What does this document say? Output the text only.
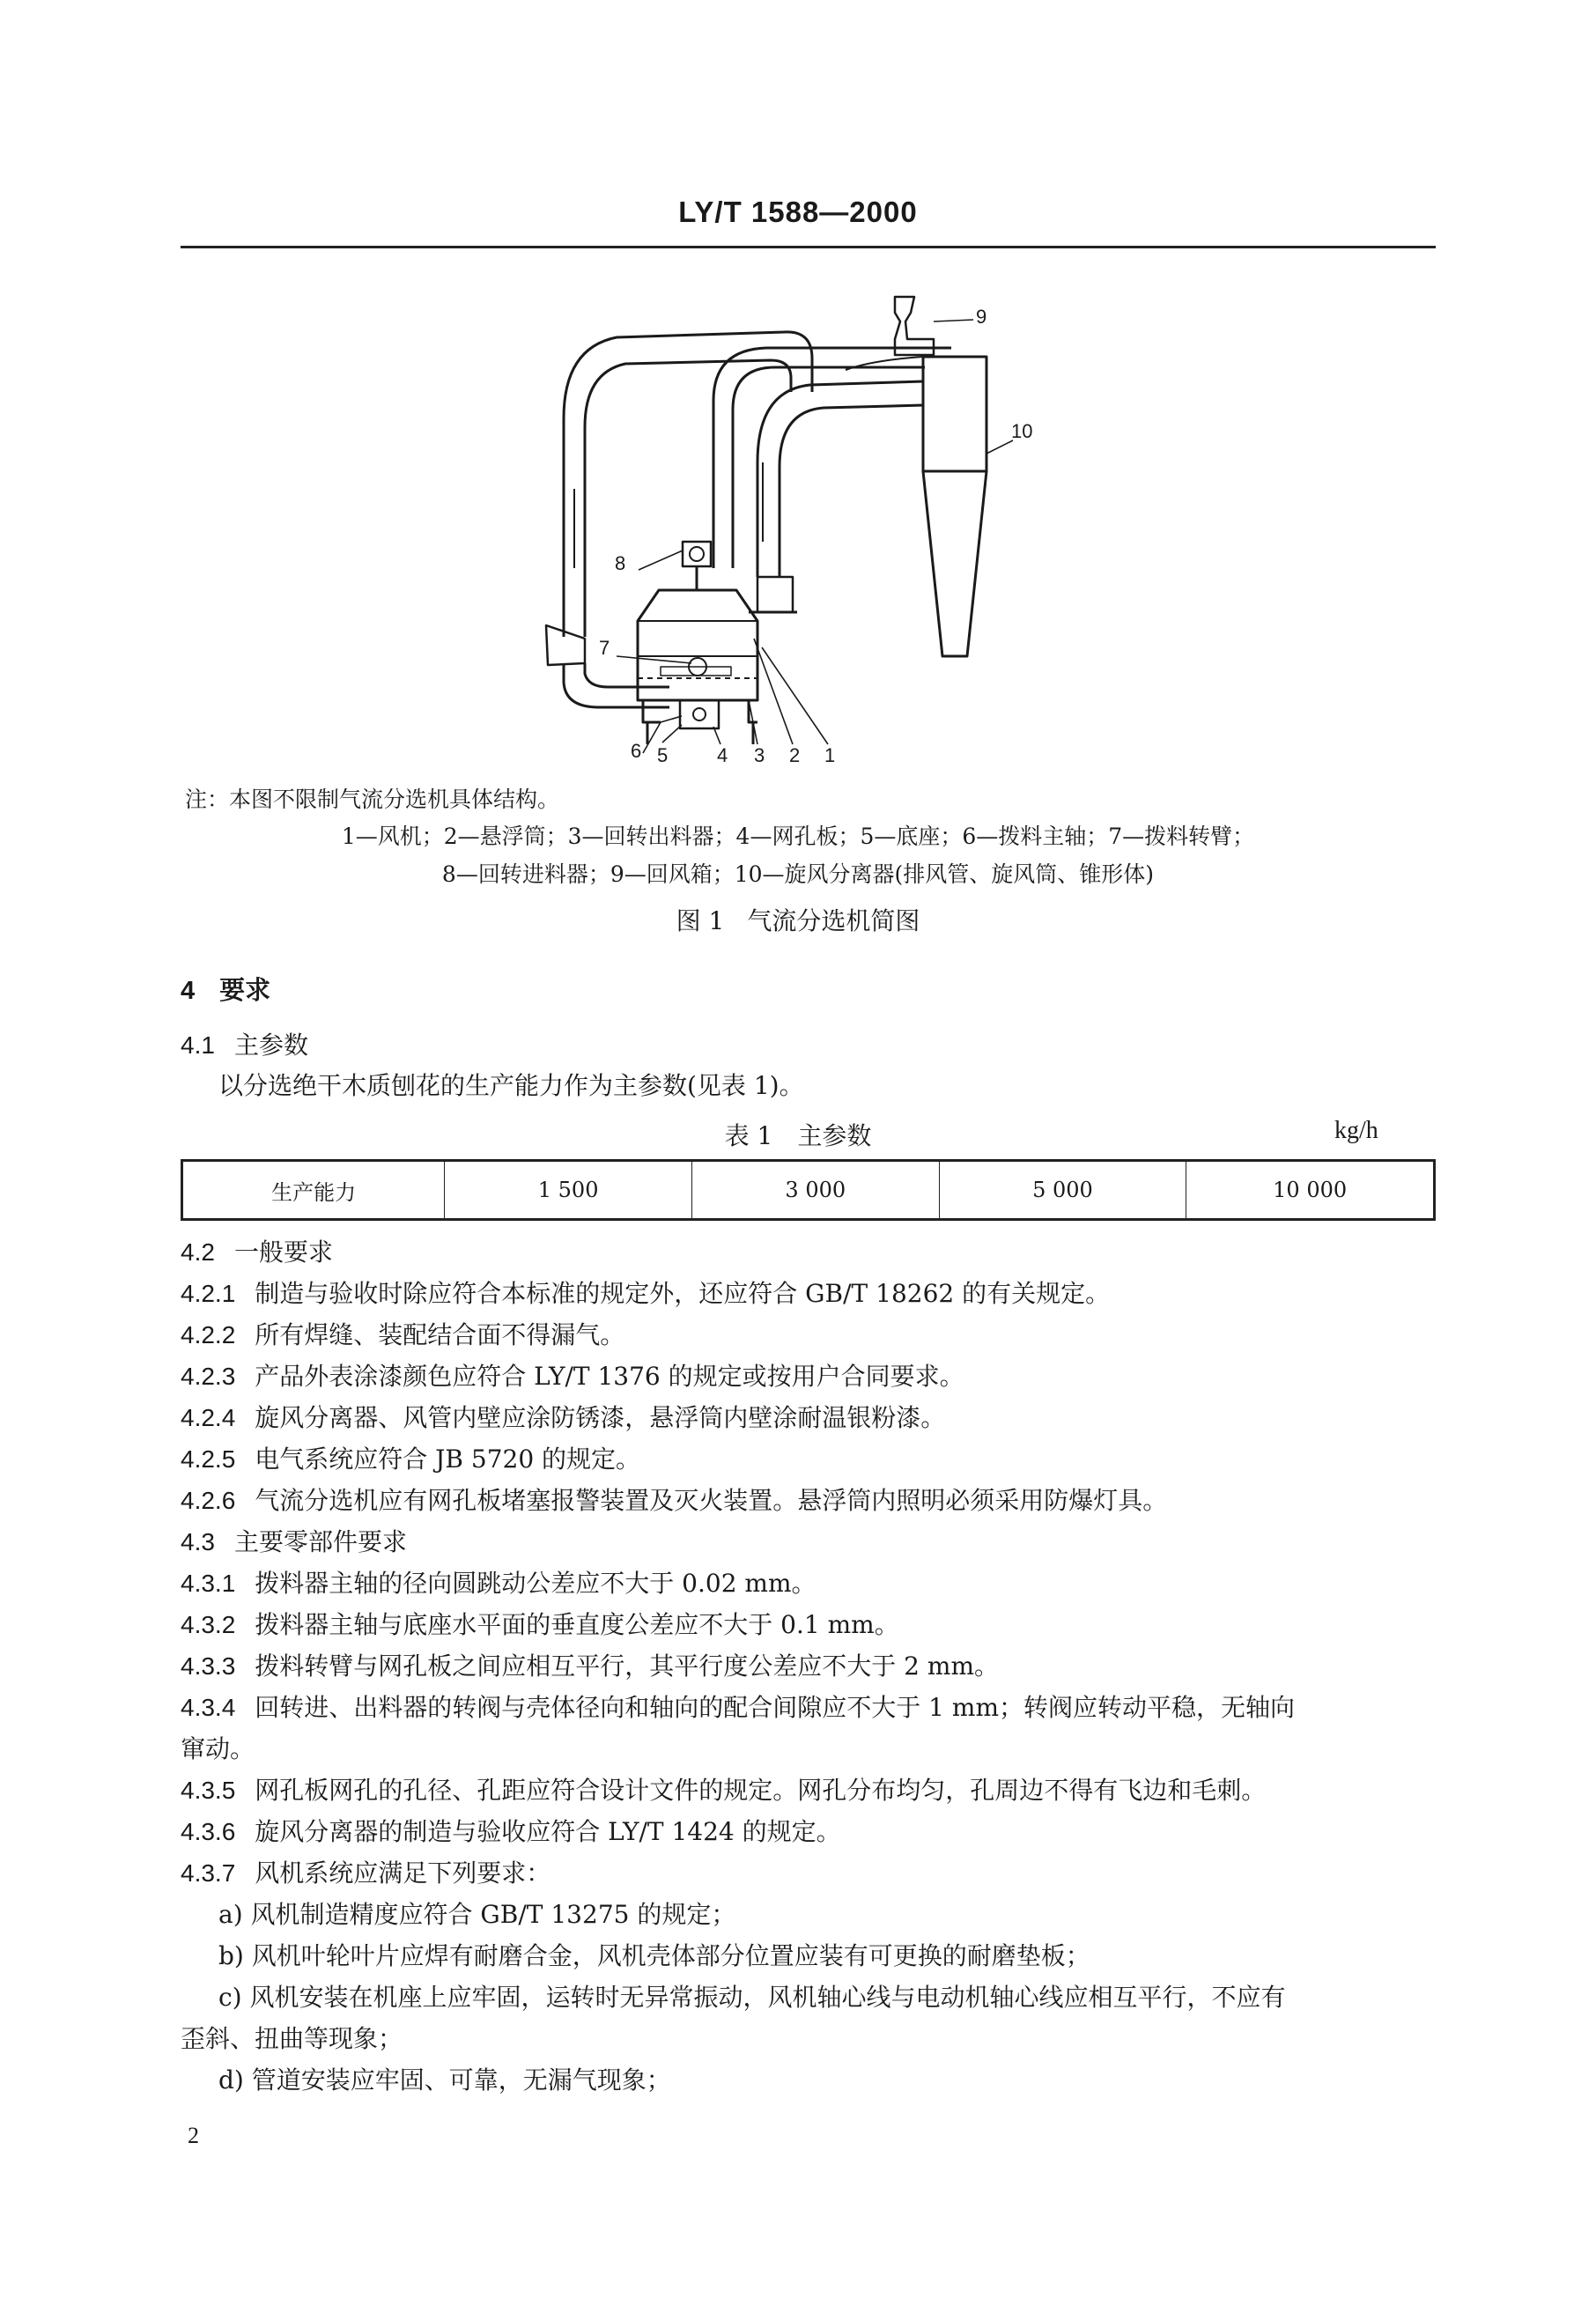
LY/T 1588—2000
9
10
8
7
6 5	4 3 2 1
注：本图不限制气流分选机具体结构。
1—风机；2—悬浮筒；3—回转出料器；4—网孔板；5—底座；6—拨料主轴；7—拨料转臂；
8—回转进料器；9—回风箱；10—旋风分离器(排风管、旋风筒、锥形体)
图 1 气流分选机简图
4 要求
4.1 主参数
以分选绝干木质刨花的生产能力作为主参数(见表 1)。
表 1 主参数	kg/h
生产能力	1 500	3 000	5 000	10 000
4.2 一般要求
4.2.1 制造与验收时除应符合本标准的规定外，还应符合 GB/T 18262 的有关规定。
4.2.2 所有焊缝、装配结合面不得漏气。
4.2.3 产品外表涂漆颜色应符合 LY/T 1376 的规定或按用户合同要求。
4.2.4 旋风分离器、风管内壁应涂防锈漆，悬浮筒内壁涂耐温银粉漆。
4.2.5 电气系统应符合 JB 5720 的规定。
4.2.6 气流分选机应有网孔板堵塞报警装置及灭火装置。悬浮筒内照明必须采用防爆灯具。
4.3 主要零部件要求
4.3.1 拨料器主轴的径向圆跳动公差应不大于 0.02 mm。
4.3.2 拨料器主轴与底座水平面的垂直度公差应不大于 0.1 mm。
4.3.3 拨料转臂与网孔板之间应相互平行，其平行度公差应不大于 2 mm。
4.3.4 回转进、出料器的转阀与壳体径向和轴向的配合间隙应不大于 1 mm；转阀应转动平稳，无轴向
窜动。
4.3.5 网孔板网孔的孔径、孔距应符合设计文件的规定。网孔分布均匀，孔周边不得有飞边和毛刺。
4.3.6 旋风分离器的制造与验收应符合 LY/T 1424 的规定。
4.3.7 风机系统应满足下列要求：
a) 风机制造精度应符合 GB/T 13275 的规定；
b) 风机叶轮叶片应焊有耐磨合金，风机壳体部分位置应装有可更换的耐磨垫板；
c) 风机安装在机座上应牢固，运转时无异常振动，风机轴心线与电动机轴心线应相互平行，不应有
歪斜、扭曲等现象；
d) 管道安装应牢固、可靠，无漏气现象；
2
